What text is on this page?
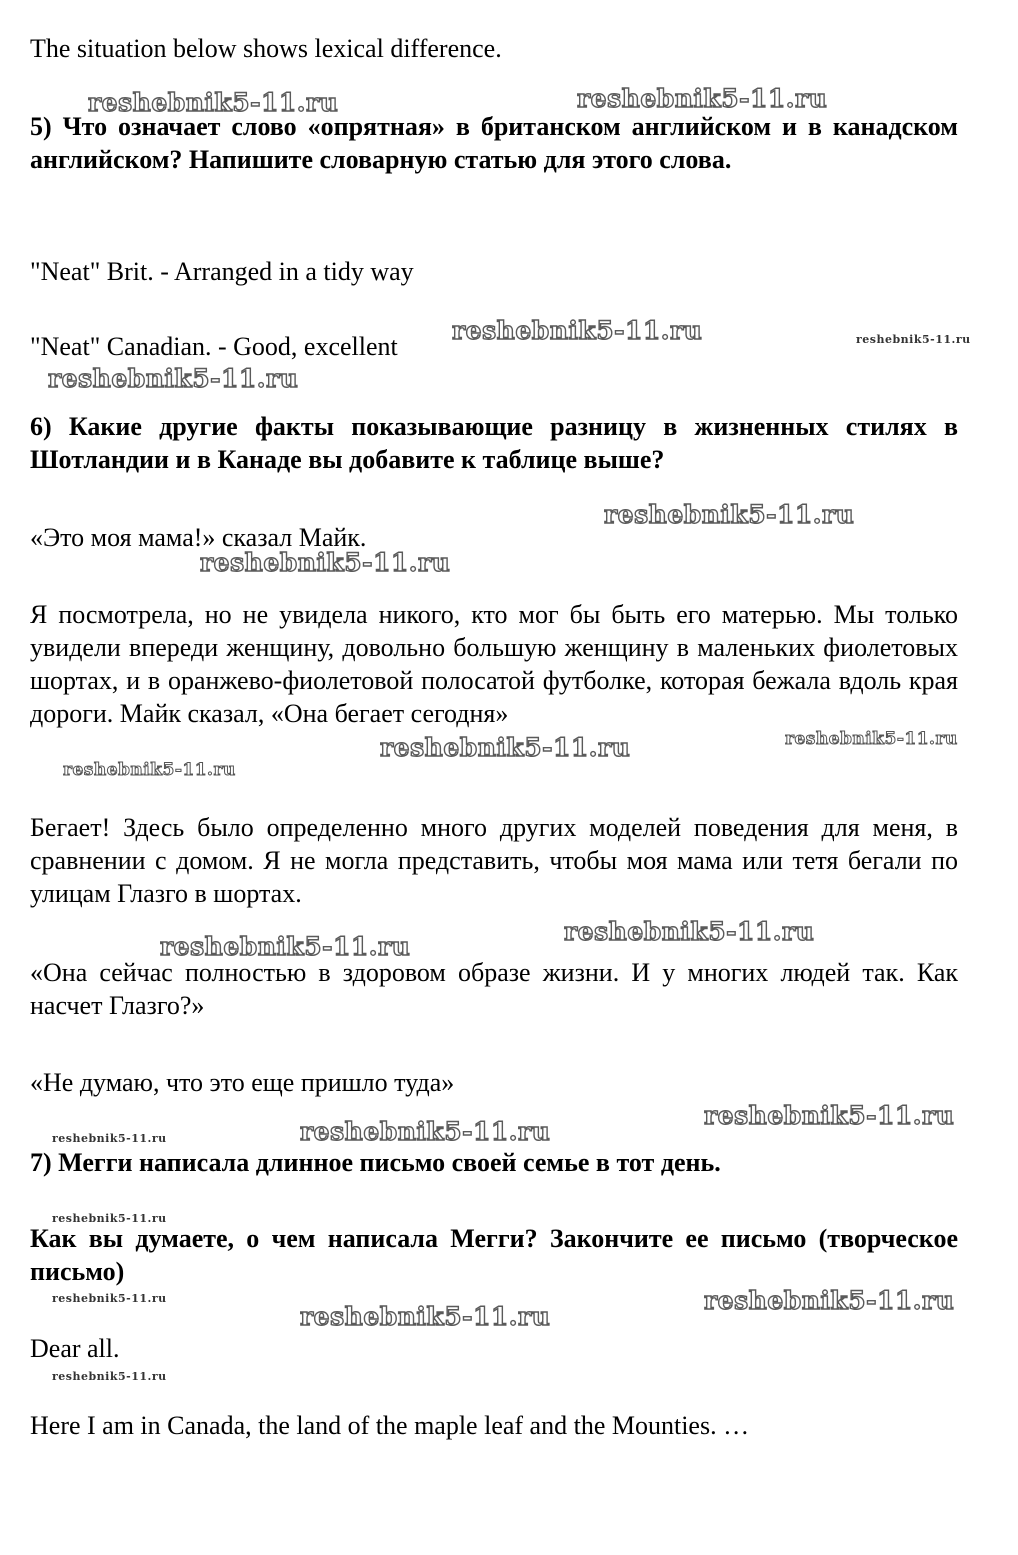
The situation below shows lexical difference.

5) Что означает слово «опрятная» в британском английском и в канадском английском? Напишите словарную статью для этого слова.

"Neat" Brit. - Arranged in a tidy way

"Neat" Canadian. - Good, excellent

6) Какие другие факты показывающие разницу в жизненных стилях в Шотландии и в Канаде вы добавите к таблице выше?

«Это моя мама!» сказал Майк.

Я посмотрела, но не увидела никого, кто мог бы быть его матерью. Мы только увидели впереди женщину, довольно большую женщину в маленьких фиолетовых шортах, и в оранжево-фиолетовой полосатой футболке, которая бежала вдоль края дороги. Майк сказал, «Она бегает сегодня»

Бегает! Здесь было определенно много других моделей поведения для меня, в сравнении с домом. Я не могла представить, чтобы моя мама или тетя бегали по улицам Глазго в шортах.

«Она сейчас полностью в здоровом образе жизни. И у многих людей так. Как насчет Глазго?»

«Не думаю, что это еще пришло туда»

7) Мегги написала длинное письмо своей семье в тот день.

Как вы думаете, о чем написала Мегги? Закончите ее письмо (творческое письмо)

Dear all.

Here I am in Canada, the land of the maple leaf and the Mounties. …

reshebnik5-11.ru	reshebnik5-11.ru
reshebnik5-11.ru	reshebnik5-11.ru
reshebnik5-11.ru
reshebnik5-11.ru
reshebnik5-11.ru
reshebnik5-11.ru	reshebnik5-11.ru
reshebnik5-11.ru
reshebnik5-11.ru
reshebnik5-11.ru
reshebnik5-11.ru
reshebnik5-11.ru	reshebnik5-11.ru
reshebnik5-11.ru
reshebnik5-11.ru	reshebnik5-11.ru
reshebnik5-11.ru
reshebnik5-11.ru
